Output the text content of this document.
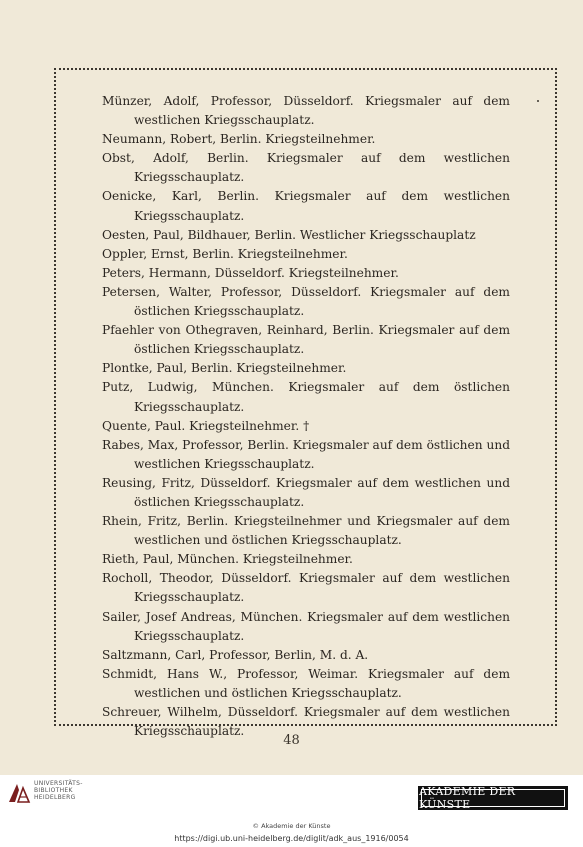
Münzer, Adolf, Professor, Düsseldorf. Kriegsmaler auf dem westlichen Kriegsschauplatz.
Neumann, Robert, Berlin. Kriegsteilnehmer.
Obst, Adolf, Berlin. Kriegsmaler auf dem westlichen Kriegsschauplatz.
Oenicke, Karl, Berlin. Kriegsmaler auf dem westlichen Kriegsschauplatz.
Oesten, Paul, Bildhauer, Berlin. Westlicher Kriegsschauplatz
Oppler, Ernst, Berlin. Kriegsteilnehmer.
Peters, Hermann, Düsseldorf. Kriegsteilnehmer.
Petersen, Walter, Professor, Düsseldorf. Kriegsmaler auf dem östlichen Kriegsschauplatz.
Pfaehler von Othegraven, Reinhard, Berlin. Kriegsmaler auf dem östlichen Kriegsschauplatz.
Plontke, Paul, Berlin. Kriegsteilnehmer.
Putz, Ludwig, München. Kriegsmaler auf dem östlichen Kriegsschauplatz.
Quente, Paul. Kriegsteilnehmer. †
Rabes, Max, Professor, Berlin. Kriegsmaler auf dem östlichen und westlichen Kriegsschauplatz.
Reusing, Fritz, Düsseldorf. Kriegsmaler auf dem westlichen und östlichen Kriegsschauplatz.
Rhein, Fritz, Berlin. Kriegsteilnehmer und Kriegsmaler auf dem westlichen und östlichen Kriegsschauplatz.
Rieth, Paul, München. Kriegsteilnehmer.
Rocholl, Theodor, Düsseldorf. Kriegsmaler auf dem westlichen Kriegsschauplatz.
Sailer, Josef Andreas, München. Kriegsmaler auf dem westlichen Kriegsschauplatz.
Saltzmann, Carl, Professor, Berlin, M. d. A.
Schmidt, Hans W., Professor, Weimar. Kriegsmaler auf dem westlichen und östlichen Kriegsschauplatz.
Schreuer, Wilhelm, Düsseldorf. Kriegsmaler auf dem westlichen Kriegsschauplatz.
48
UNIVERSITÄTS-
BIBLIOTHEK
HEIDELBERG	AKADEMIE DER KÜNSTE
© Akademie der Künste
https://digi.ub.uni-heidelberg.de/diglit/adk_aus_1916/0054
